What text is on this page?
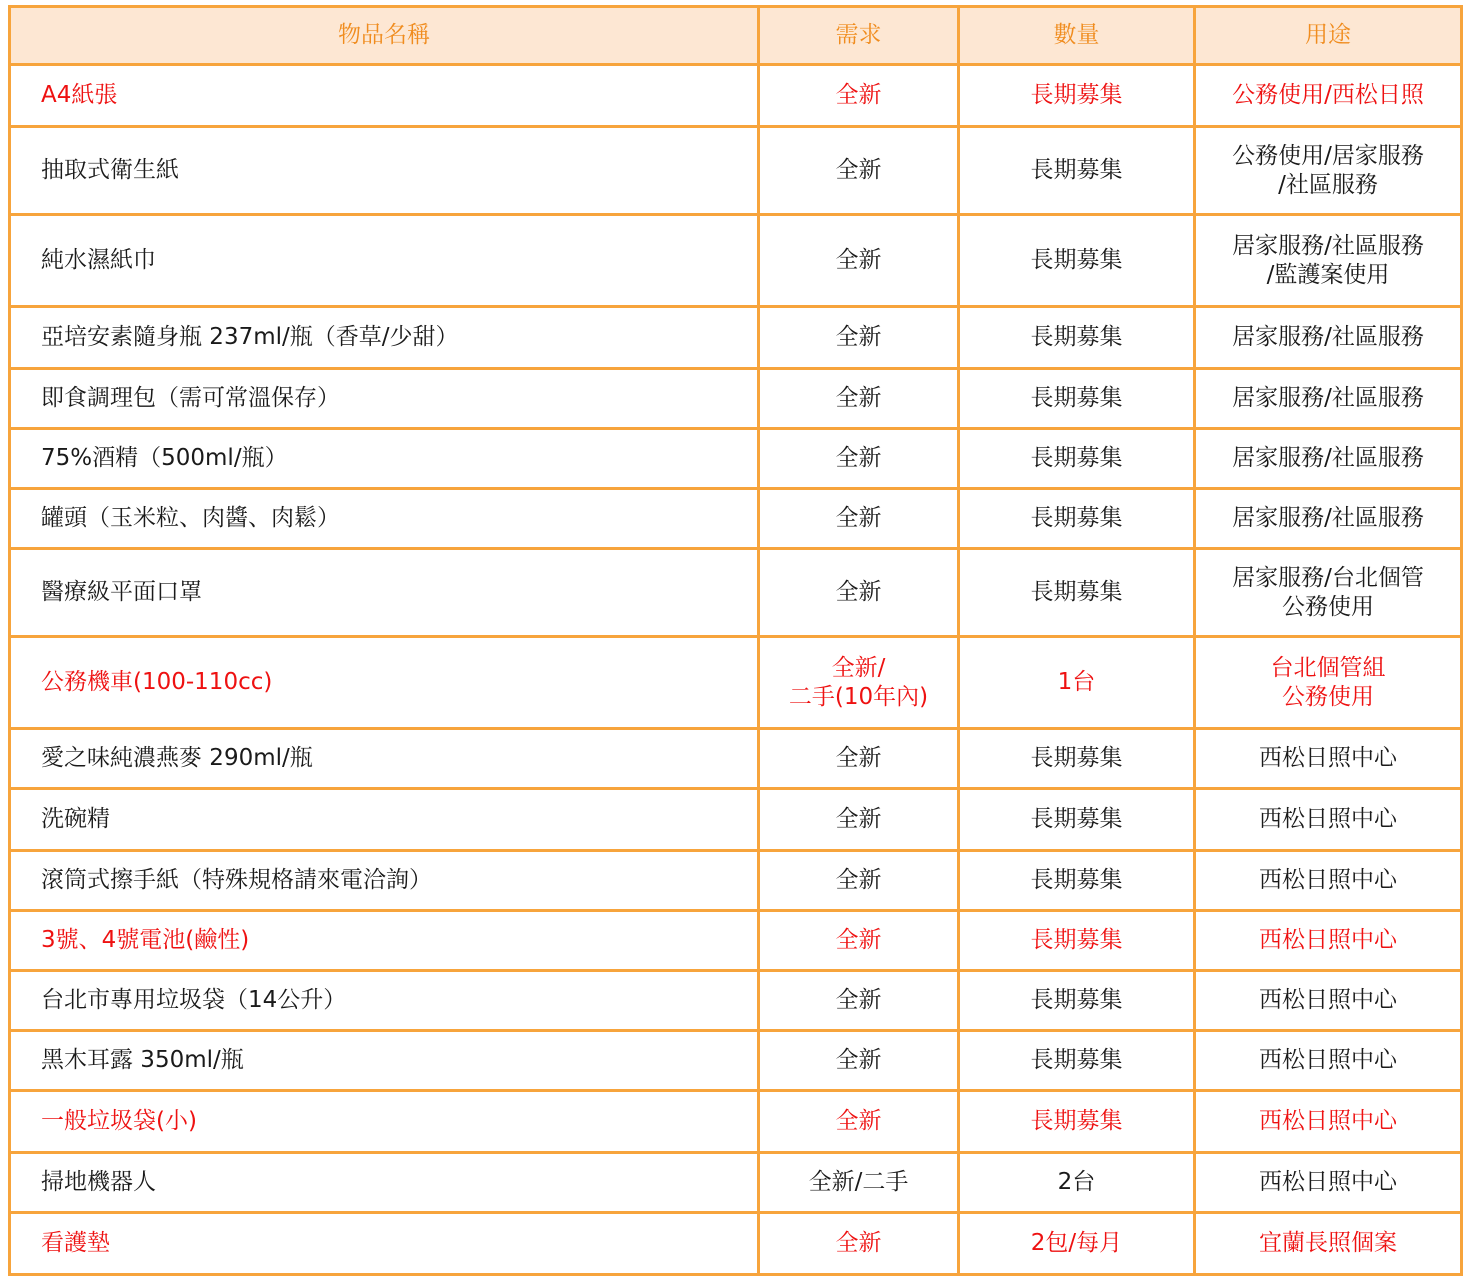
物品名稱	需求	數量	用途
A4紙張	全新	長期募集	公務使用/西松日照

抽取式衛生紙	全新	長期募集	公務使用/居家服務
/社區服務

純水濕紙巾	全新	長期募集	居家服務/社區服務
/監護案使用

亞培安素隨身瓶 237ml/瓶（香草/少甜）	全新	長期募集	居家服務/社區服務

即食調理包（需可常溫保存）	全新	長期募集	居家服務/社區服務

75%酒精（500ml/瓶）	全新	長期募集	居家服務/社區服務

罐頭（玉米粒、肉醬、肉鬆）	全新	長期募集	居家服務/社區服務

醫療級平面口罩	全新	長期募集	居家服務/台北個管
公務使用

公務機車(100-110cc)	全新/
二手(10年內)	1台	台北個管組
公務使用

愛之味純濃燕麥 290ml/瓶	全新	長期募集	西松日照中心

洗碗精	全新	長期募集	西松日照中心

滾筒式擦手紙（特殊規格請來電洽詢）	全新	長期募集	西松日照中心

3號、4號電池(鹼性)	全新	長期募集	西松日照中心

台北市專用垃圾袋（14公升）	全新	長期募集	西松日照中心

黑木耳露 350ml/瓶	全新	長期募集	西松日照中心

一般垃圾袋(小)	全新	長期募集	西松日照中心

掃地機器人	全新/二手	2台	西松日照中心

看護墊	全新	2包/每月	宜蘭長照個案
